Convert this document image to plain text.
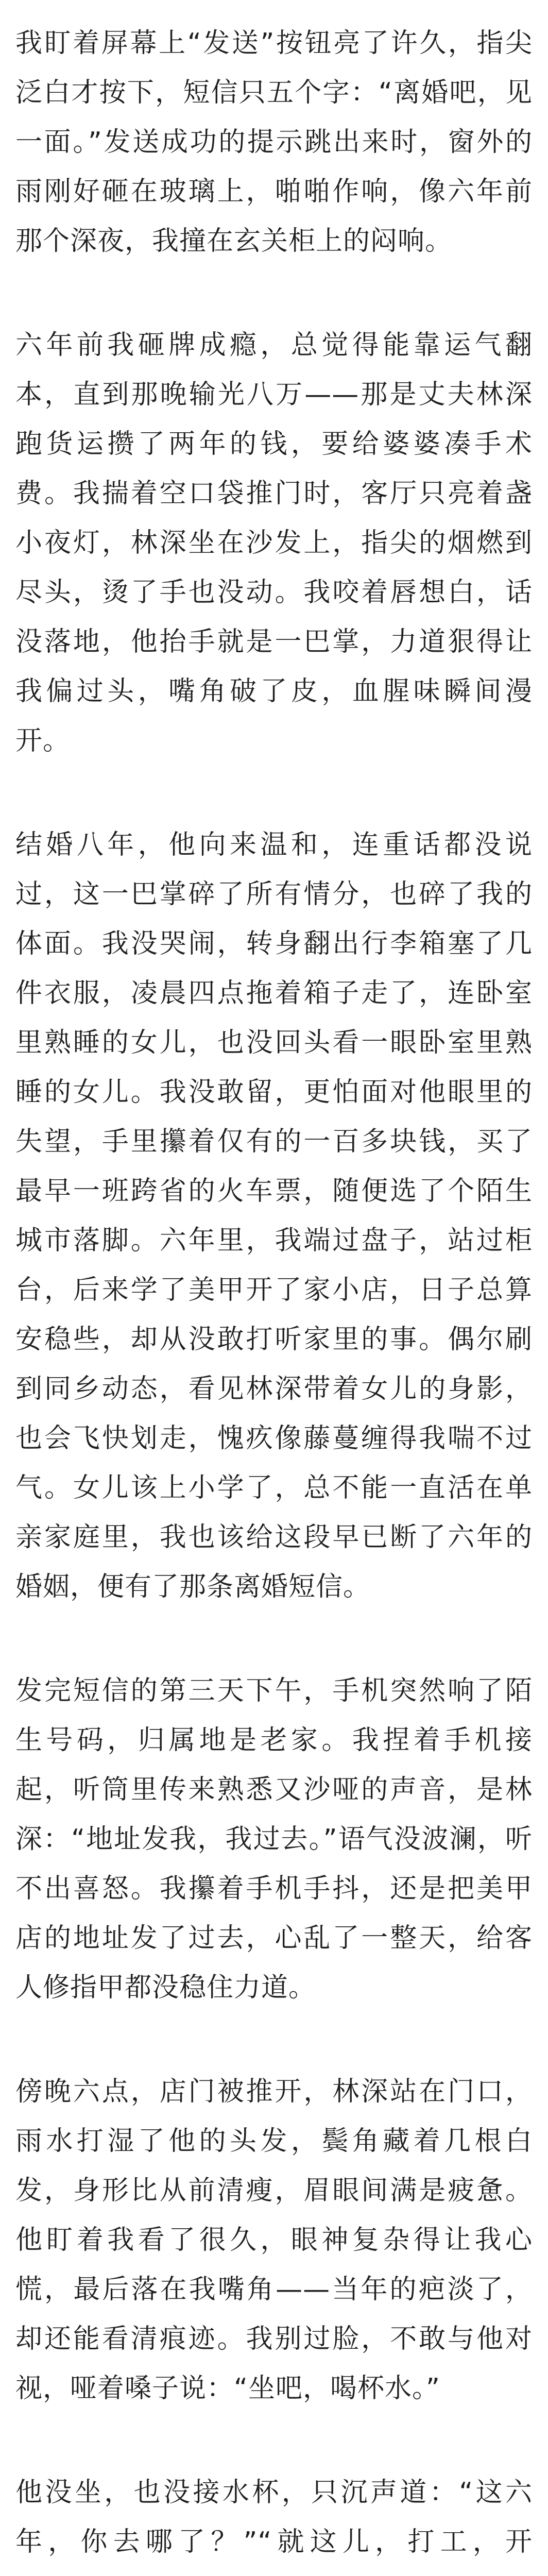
我盯着屏幕上“发送”按钮亮了许久，指尖泛白才按下，短信只五个字：“离婚吧，见一面。”发送成功的提示跳出来时，窗外的雨刚好砸在玻璃上，啪啪作响，像六年前那个深夜，我撞在玄关柜上的闷响。

六年前我砸牌成瘾，总觉得能靠运气翻本，直到那晚输光八万——那是丈夫林深跑货运攒了两年的钱，要给婆婆凑手术费。我揣着空口袋推门时，客厅只亮着盏小夜灯，林深坐在沙发上，指尖的烟燃到尽头，烫了手也没动。我咬着唇想白，话没落地，他抬手就是一巴掌，力道狠得让我偏过头，嘴角破了皮，血腥味瞬间漫开。

结婚八年，他向来温和，连重话都没说过，这一巴掌碎了所有情分，也碎了我的体面。我没哭闹，转身翻出行李箱塞了几件衣服，凌晨四点拖着箱子走了，连卧室里熟睡的女儿，也没回头看一眼卧室里熟睡的女儿。我没敢留，更怕面对他眼里的失望，手里攥着仅有的一百多块钱，买了最早一班跨省的火车票，随便选了个陌生城市落脚。六年里，我端过盘子，站过柜台，后来学了美甲开了家小店，日子总算安稳些，却从没敢打听家里的事。偶尔刷到同乡动态，看见林深带着女儿的身影，也会飞快划走，愧疚像藤蔓缠得我喘不过气。女儿该上小学了，总不能一直活在单亲家庭里，我也该给这段早已断了六年的婚姻，便有了那条离婚短信。

发完短信的第三天下午，手机突然响了陌生号码，归属地是老家。我捏着手机接起，听筒里传来熟悉又沙哑的声音，是林深：“地址发我，我过去。”语气没波澜，听不出喜怒。我攥着手机手抖，还是把美甲店的地址发了过去，心乱了一整天，给客人修指甲都没稳住力道。

傍晚六点，店门被推开，林深站在门口，雨水打湿了他的头发，鬓角藏着几根白发，身形比从前清瘦，眉眼间满是疲惫。他盯着我看了很久，眼神复杂得让我心慌，最后落在我嘴角——当年的疤淡了，却还能看清痕迹。我别过脸，不敢与他对视，哑着嗓子说：“坐吧，喝杯水。”

他没坐，也没接水杯，只沉声道：“这六年，你去哪了？”“就这儿，打工，开
